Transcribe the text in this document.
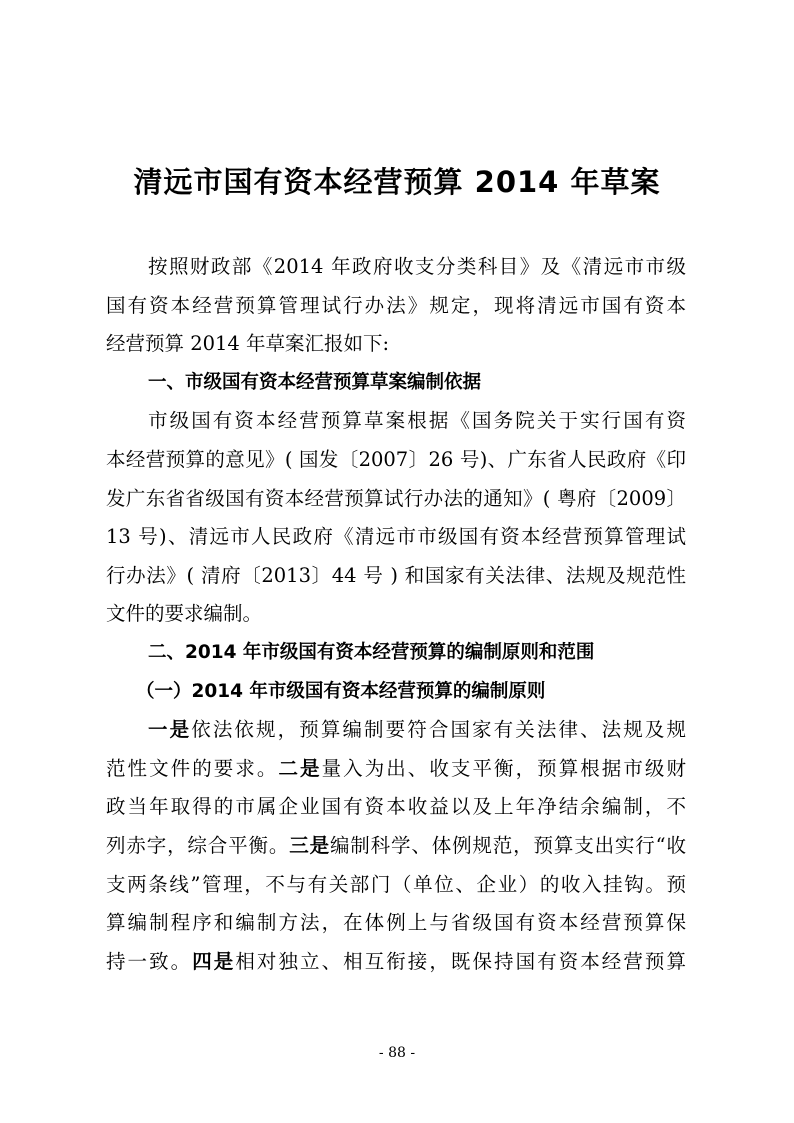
清远市国有资本经营预算 2014 年草案
按照财政部《2014 年政府收支分类科目》及《清远市市级
国有资本经营预算管理试行办法》规定，现将清远市国有资本
经营预算 2014 年草案汇报如下:
一、市级国有资本经营预算草案编制依据
市级国有资本经营预算草案根据《国务院关于实行国有资
本经营预算的意见》( 国发〔2007〕26 号)、广东省人民政府《印
发广东省省级国有资本经营预算试行办法的通知》( 粤府〔2009〕
13 号)、清远市人民政府《清远市市级国有资本经营预算管理试
行办法》( 清府〔2013〕44 号 ) 和国家有关法律、法规及规范性
文件的要求编制。
二、2014 年市级国有资本经营预算的编制原则和范围
（一）2014 年市级国有资本经营预算的编制原则
一是依法依规，预算编制要符合国家有关法律、法规及规
范性文件的要求。二是量入为出、收支平衡，预算根据市级财
政当年取得的市属企业国有资本收益以及上年净结余编制，不
列赤字，综合平衡。三是编制科学、体例规范，预算支出实行“收
支两条线”管理，不与有关部门（单位、企业）的收入挂钩。预
算编制程序和编制方法，在体例上与省级国有资本经营预算保
持一致。四是相对独立、相互衔接，既保持国有资本经营预算
- 88 -
